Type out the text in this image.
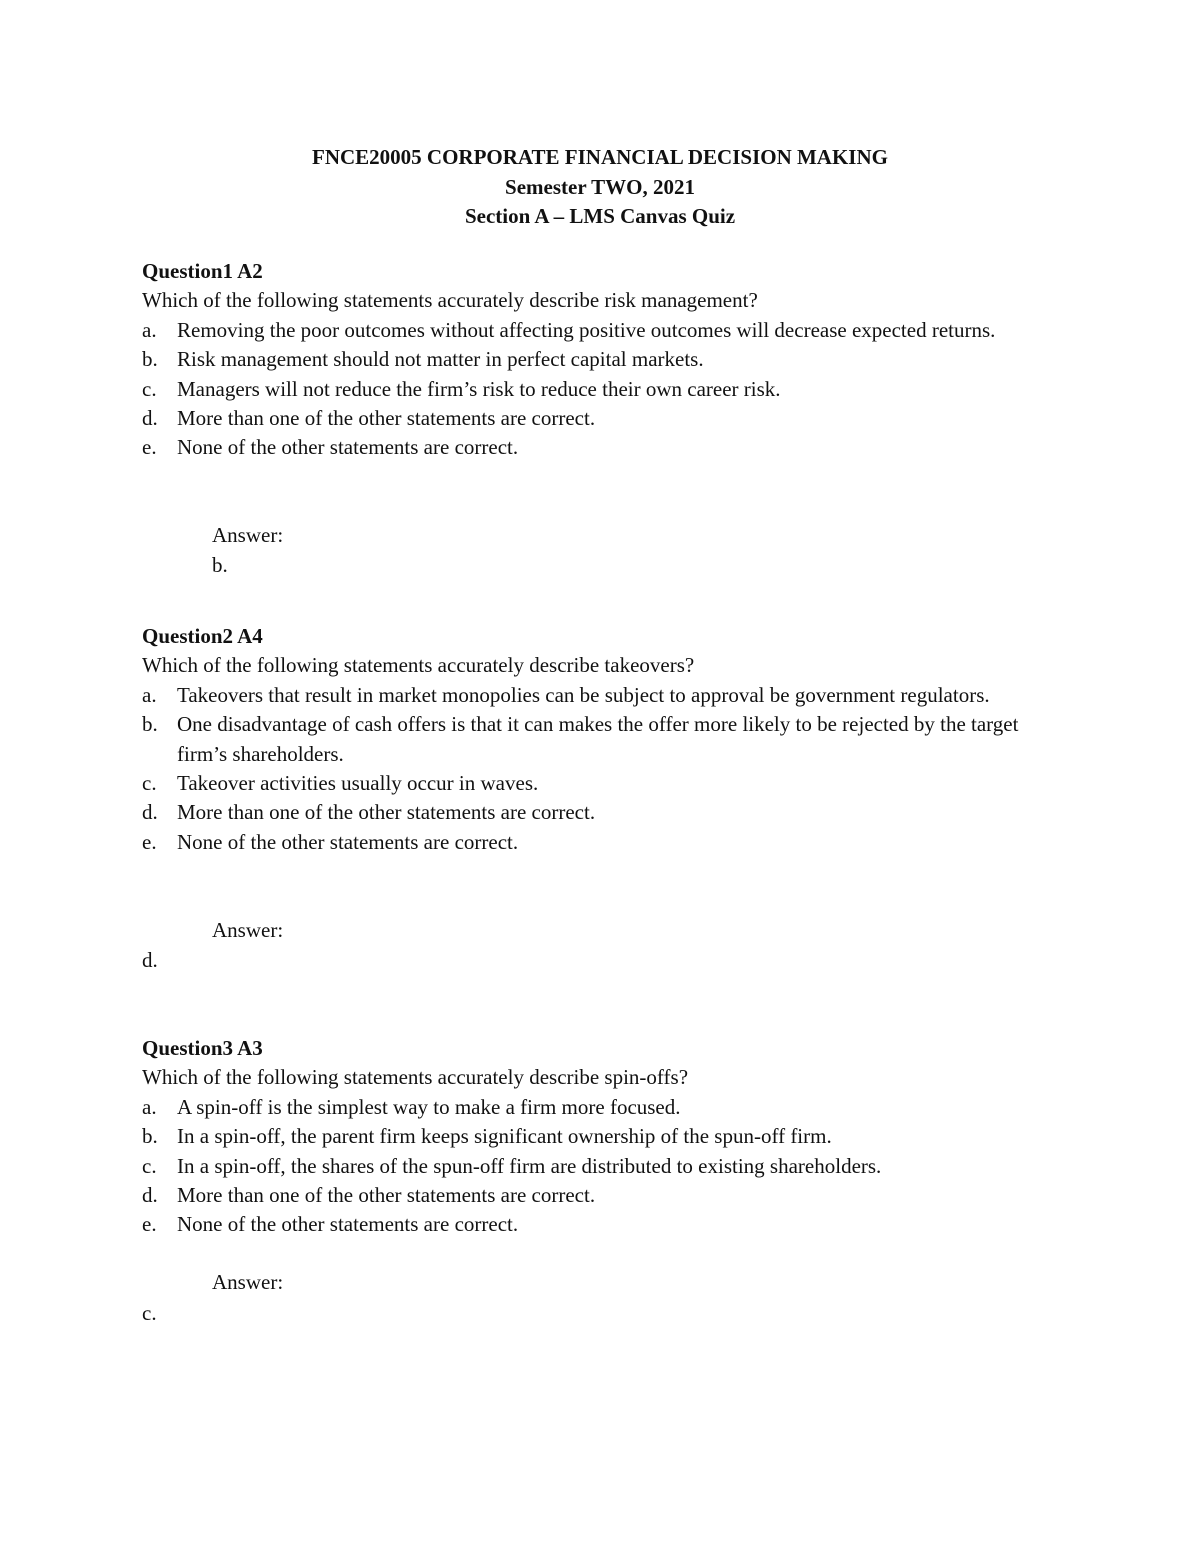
FNCE20005 CORPORATE FINANCIAL DECISION MAKING
Semester TWO, 2021
Section A – LMS Canvas Quiz
Question1 A2
Which of the following statements accurately describe risk management?
a. Removing the poor outcomes without affecting positive outcomes will decrease expected returns.
b. Risk management should not matter in perfect capital markets.
c. Managers will not reduce the firm’s risk to reduce their own career risk.
d. More than one of the other statements are correct.
e. None of the other statements are correct.
Answer:
b.
Question2 A4
Which of the following statements accurately describe takeovers?
a. Takeovers that result in market monopolies can be subject to approval be government regulators.
b. One disadvantage of cash offers is that it can makes the offer more likely to be rejected by the target firm’s shareholders.
c. Takeover activities usually occur in waves.
d. More than one of the other statements are correct.
e. None of the other statements are correct.
Answer:
d.
Question3 A3
Which of the following statements accurately describe spin-offs?
a. A spin-off is the simplest way to make a firm more focused.
b. In a spin-off, the parent firm keeps significant ownership of the spun-off firm.
c. In a spin-off, the shares of the spun-off firm are distributed to existing shareholders.
d. More than one of the other statements are correct.
e. None of the other statements are correct.
Answer:
c.
